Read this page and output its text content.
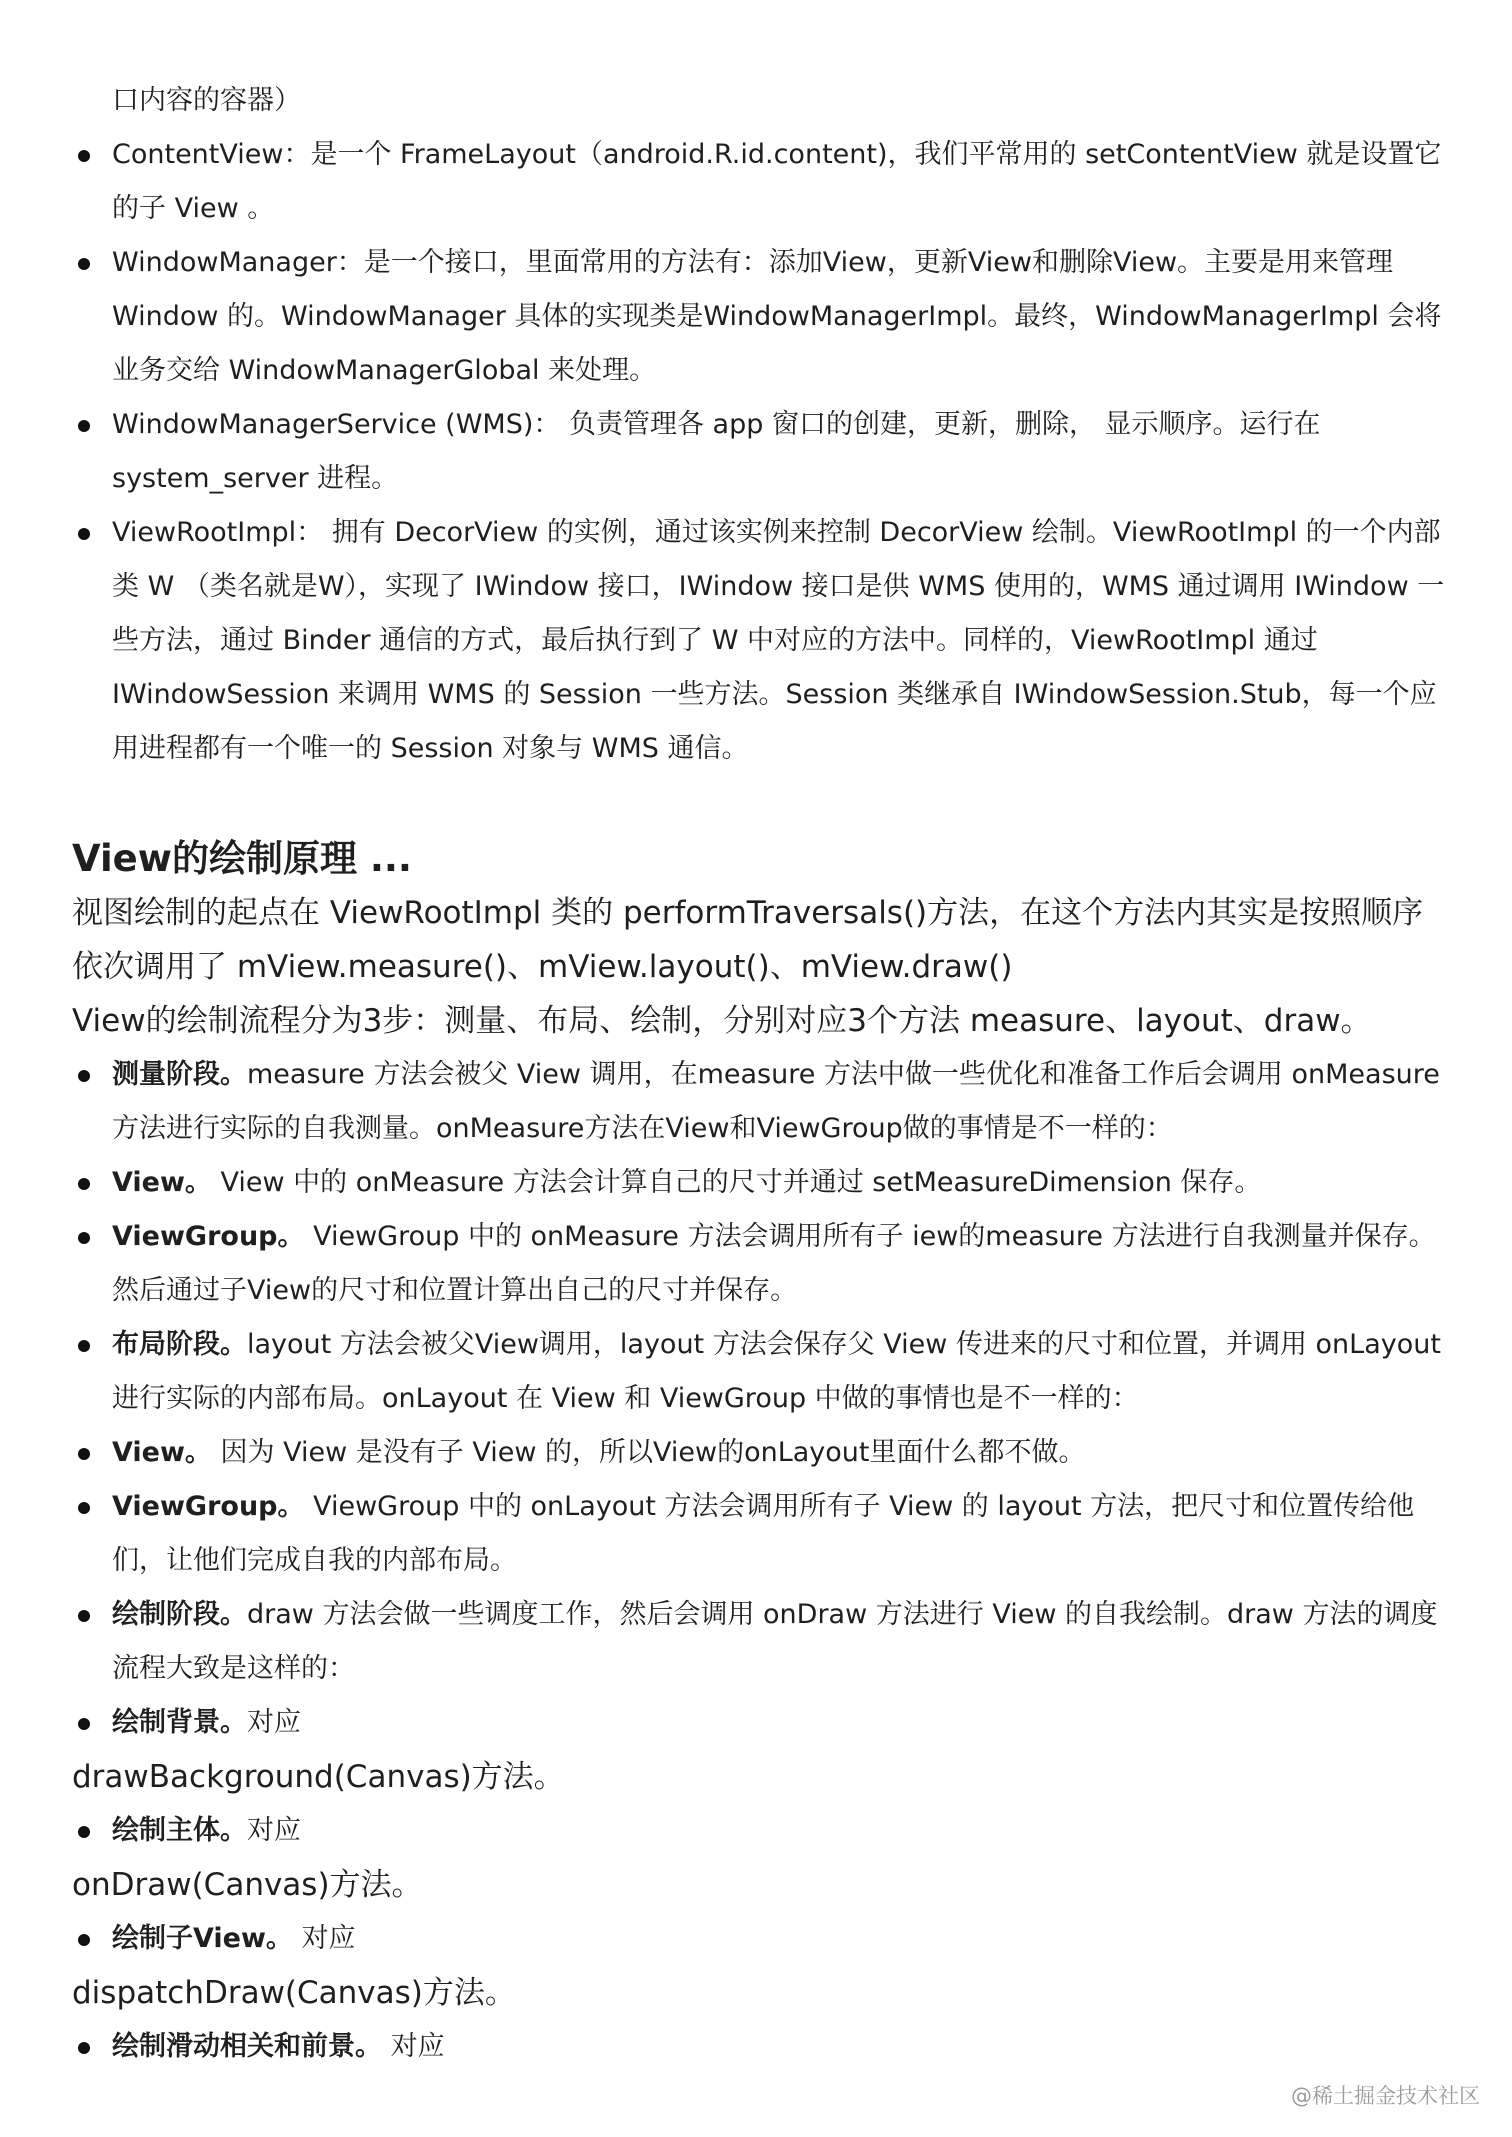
口内容的容器）
ContentView：是一个 FrameLayout（android.R.id.content)，我们平常用的 setContentView 就是设置它的子 View 。
WindowManager：是一个接口，里面常用的方法有：添加View，更新View和删除View。主要是用来管理 Window 的。WindowManager 具体的实现类是WindowManagerImpl。最终，WindowManagerImpl 会将业务交给 WindowManagerGlobal 来处理。
WindowManagerService (WMS)： 负责管理各 app 窗口的创建，更新，删除， 显示顺序。运行在 system_server 进程。
ViewRootImpl： 拥有 DecorView 的实例，通过该实例来控制 DecorView 绘制。ViewRootImpl 的一个内部类 W （类名就是W），实现了 IWindow 接口，IWindow 接口是供 WMS 使用的，WMS 通过调用 IWindow 一些方法，通过 Binder 通信的方式，最后执行到了 W 中对应的方法中。同样的，ViewRootImpl 通过 IWindowSession 来调用 WMS 的 Session 一些方法。Session 类继承自 IWindowSession.Stub，每一个应用进程都有一个唯一的 Session 对象与 WMS 通信。
View的绘制原理 ...
视图绘制的起点在 ViewRootImpl 类的 performTraversals()方法，在这个方法内其实是按照顺序依次调用了 mView.measure()、mView.layout()、mView.draw()
View的绘制流程分为3步：测量、布局、绘制，分别对应3个方法 measure、layout、draw。
测量阶段。measure 方法会被父 View 调用，在measure 方法中做一些优化和准备工作后会调用 onMeasure 方法进行实际的自我测量。onMeasure方法在View和ViewGroup做的事情是不一样的：
View。 View 中的 onMeasure 方法会计算自己的尺寸并通过 setMeasureDimension 保存。
ViewGroup。 ViewGroup 中的 onMeasure 方法会调用所有子 iew的measure 方法进行自我测量并保存。然后通过子View的尺寸和位置计算出自己的尺寸并保存。
布局阶段。layout 方法会被父View调用，layout 方法会保存父 View 传进来的尺寸和位置，并调用 onLayout 进行实际的内部布局。onLayout 在 View 和 ViewGroup 中做的事情也是不一样的：
View。 因为 View 是没有子 View 的，所以View的onLayout里面什么都不做。
ViewGroup。 ViewGroup 中的 onLayout 方法会调用所有子 View 的 layout 方法，把尺寸和位置传给他们，让他们完成自我的内部布局。
绘制阶段。draw 方法会做一些调度工作，然后会调用 onDraw 方法进行 View 的自我绘制。draw 方法的调度流程大致是这样的：
绘制背景。对应
drawBackground(Canvas)方法。
绘制主体。对应
onDraw(Canvas)方法。
绘制子View。 对应
dispatchDraw(Canvas)方法。
绘制滑动相关和前景。 对应
@稀土掘金技术社区
